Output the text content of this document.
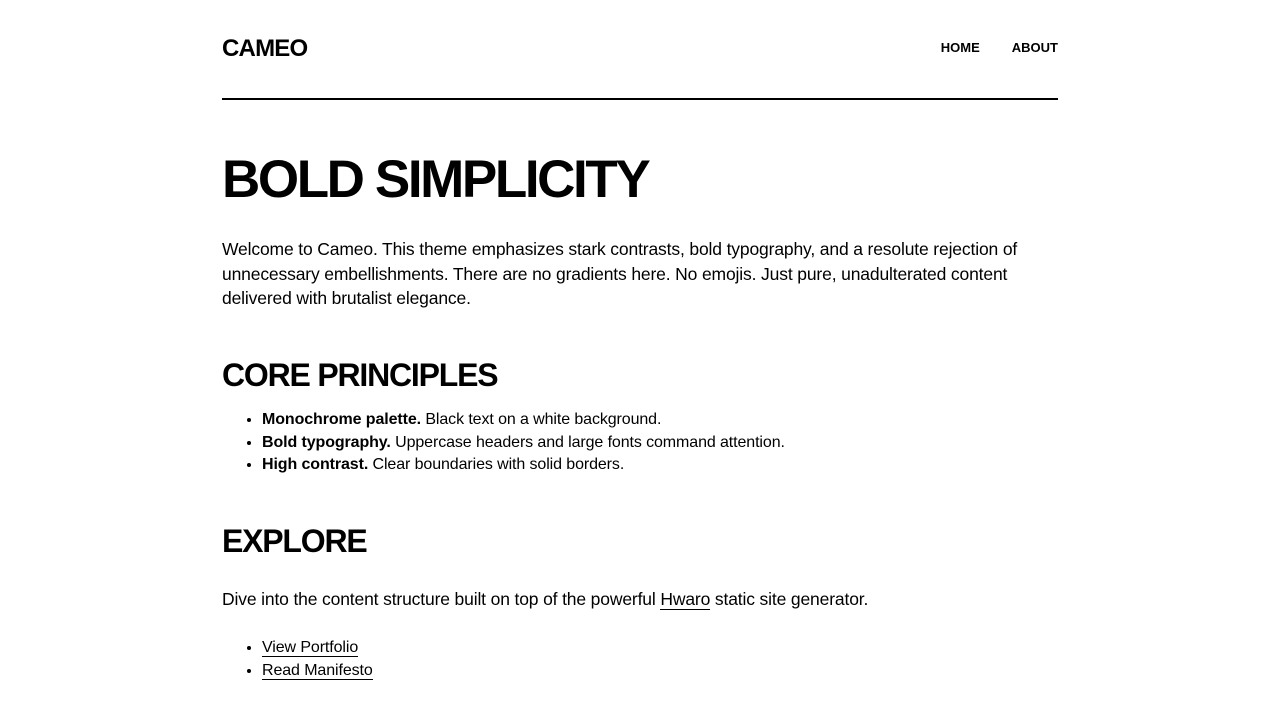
CAMEO	HOME ABOUT
BOLD SIMPLICITY

Welcome to Cameo. This theme emphasizes stark contrasts, bold typography, and a resolute rejection of unnecessary embellishments. There are no gradients here. No emojis. Just pure, unadulterated content delivered with brutalist elegance.

CORE PRINCIPLES
• Monochrome palette. Black text on a white background.
• Bold typography. Uppercase headers and large fonts command attention.
• High contrast. Clear boundaries with solid borders.
EXPLORE

Dive into the content structure built on top of the powerful Hwaro static site generator.

• View Portfolio
• Read Manifesto
